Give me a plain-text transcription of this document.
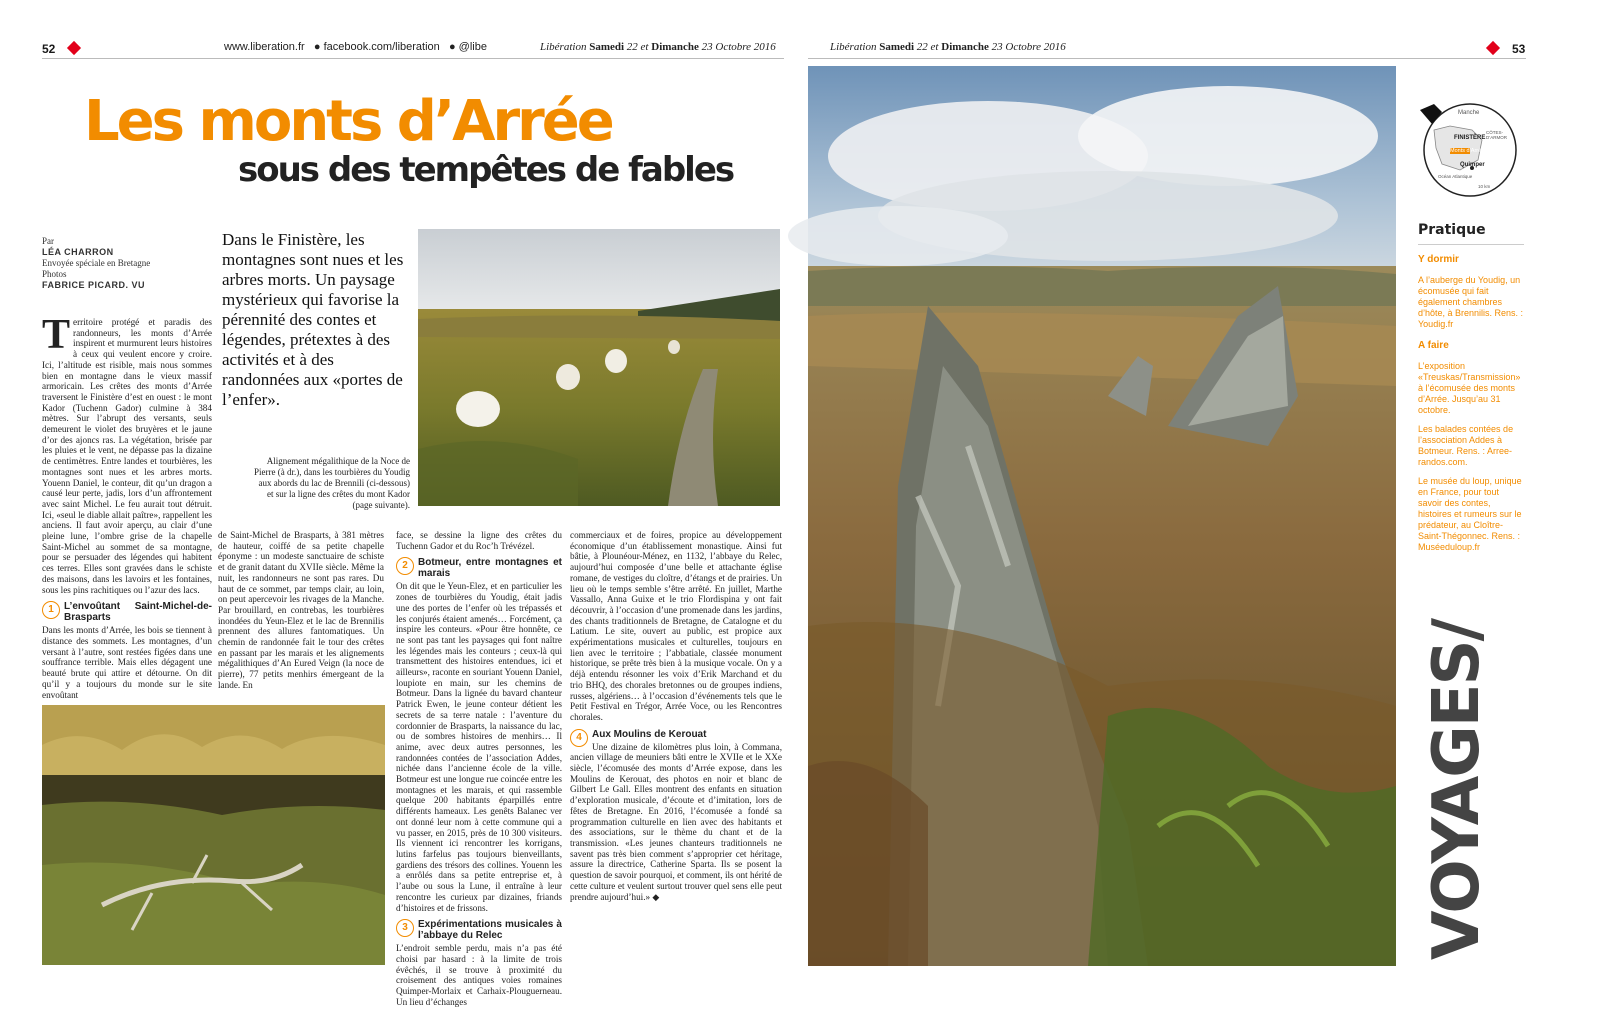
52	www.liberation.fr ● facebook.com/liberation ● @libe	Libération Samedi 22 et Dimanche 23 Octobre 2016
Les monts d’Arrée
sous des tempêtes de fables
Par
LÉA CHARRON
Envoyée spéciale en Bretagne
Photos
FABRICE PICARD. VU
Dans le Finistère, les montagnes sont nues et les arbres morts. Un paysage mystérieux qui favorise la pérennité des contes et légendes, prétextes à des activités et à des randonnées aux «portes de l’enfer».
Alignement mégalithique de la Noce de Pierre (à dr.), dans les tourbières du Youdig aux abords du lac de Brennili (ci-dessous) et sur la ligne des crêtes du mont Kador (page suivante).
Territoire protégé et paradis des randonneurs, les monts d’Arrée inspirent et murmurent leurs histoires à ceux qui veulent encore y croire. Ici, l’altitude est risible, mais nous sommes bien en montagne dans le vieux massif armoricain. Les crêtes des monts d’Arrée traversent le Finistère d’est en ouest : le mont Kador (Tuchenn Gador) culmine à 384 mètres. Sur l’abrupt des versants, seuls demeurent le violet des bruyères et le jaune d’or des ajoncs ras. La végétation, brisée par les pluies et le vent, ne dépasse pas la dizaine de centimètres. Entre landes et tourbières, les montagnes sont nues et les arbres morts. Youenn Daniel, le conteur, dit qu’un dragon a causé leur perte, jadis, lors d’un affrontement avec saint Michel. Le feu aurait tout détruit. Ici, «seul le diable allait paître», rappellent les anciens. Il faut avoir aperçu, au clair d’une pleine lune, l’ombre grise de la chapelle Saint-Michel au sommet de sa montagne, pour se persuader des légendes qui habitent ces terres. Elles sont gravées dans le schiste des maisons, dans les lavoirs et les fontaines, sous les pins rachitiques ou l’azur des lacs.
1	L’envoûtant Saint-Michel-de-Brasparts
Dans les monts d’Arrée, les bois se tiennent à distance des sommets. Les montagnes, d’un versant à l’autre, sont restées figées dans une souffrance terrible. Mais elles dégagent une beauté brute qui attire et détourne. On dit qu’il y a toujours du monde sur le site envoûtant
de Saint-Michel de Brasparts, à 381 mètres de hauteur, coiffé de sa petite chapelle éponyme : un modeste sanctuaire de schiste et de granit datant du XVIIe siècle. Même la nuit, les randonneurs ne sont pas rares. Du haut de ce sommet, par temps clair, au loin, on peut apercevoir les rivages de la Manche. Par brouillard, en contrebas, les tourbières inondées du Yeun-Elez et le lac de Brennilis prennent des allures fantomatiques. Un chemin de randonnée fait le tour des crêtes en passant par les marais et les alignements mégalithiques d’An Eured Veign (la noce de pierre), 77 petits menhirs émergeant de la lande. En
face, se dessine la ligne des crêtes du Tuchenn Gador et du Roc’h Trévézel.
2	Botmeur, entre montagnes et marais
On dit que le Yeun-Elez, et en particulier les zones de tourbières du Youdig, était jadis une des portes de l’enfer où les trépassés et les conjurés étaient amenés… Forcément, ça inspire les conteurs. «Pour être honnête, ce ne sont pas tant les paysages qui font naître les légendes mais les conteurs ; ceux-là qui transmettent des histoires entendues, ici et ailleurs», raconte en souriant Youenn Daniel, loupiote en main, sur les chemins de Botmeur. Dans la lignée du bavard chanteur Patrick Ewen, le jeune conteur détient les secrets de sa terre natale : l’aventure du cordonnier de Brasparts, la naissance du lac, ou de sombres histoires de menhirs… Il anime, avec deux autres personnes, les randonnées contées de l’association Addes, nichée dans l’ancienne école de la ville. Botmeur est une longue rue coincée entre les montagnes et les marais, et qui rassemble quelque 200 habitants éparpillés entre différents hameaux. Les genêts Balanec ver ont donné leur nom à cette commune qui a vu passer, en 2015, près de 10 300 visiteurs. Ils viennent ici rencontrer les korrigans, lutins farfelus pas toujours bienveillants, gardiens des trésors des collines. Youenn les a enrôlés dans sa petite entreprise et, à l’aube ou sous la Lune, il entraîne à leur rencontre les curieux par dizaines, friands d’histoires et de frissons.
3	Expérimentations musicales à l’abbaye du Relec
L’endroit semble perdu, mais n’a pas été choisi par hasard : à la limite de trois évêchés, il se trouve à proximité du croisement des antiques voies romaines Quimper-Morlaix et Carhaix-Plouguerneau. Un lieu d’échanges
commerciaux et de foires, propice au développement économique d’un établissement monastique. Ainsi fut bâtie, à Plounéour-Ménez, en 1132, l’abbaye du Relec, aujourd’hui composée d’une belle et attachante église romane, de vestiges du cloître, d’étangs et de prairies. Un lieu où le temps semble s’être arrêté. En juillet, Marthe Vassallo, Anna Guixe et le trio Flordispina y ont fait découvrir, à l’occasion d’une promenade dans les jardins, des chants traditionnels de Bretagne, de Catalogne et du Latium. Le site, ouvert au public, est propice aux expérimentations musicales et culturelles, toujours en lien avec le territoire ; l’abbatiale, classée monument historique, se prête très bien à la musique vocale. On y a déjà entendu résonner les voix d’Erik Marchand et du trio BHQ, des chorales bretonnes ou de groupes indiens, russes, algériens… à l’occasion d’événements tels que le Petit Festival en Trégor, Arrée Voce, ou les Rencontres chorales.
4	Aux Moulins de Kerouat
Une dizaine de kilomètres plus loin, à Commana, ancien village de meuniers bâti entre le XVIIe et le XXe siècle, l’écomusée des monts d’Arrée expose, dans les Moulins de Kerouat, des photos en noir et blanc de Gilbert Le Gall. Elles montrent des enfants en situation d’exploration musicale, d’écoute et d’imitation, lors de fêtes de Bretagne. En 2016, l’écomusée a fondé sa programmation culturelle en lien avec des habitants et des associations, sur le thème du chant et de la transmission. «Les jeunes chanteurs traditionnels ne savent pas très bien comment s’approprier cet héritage, assure la directrice, Catherine Sparta. Ils se posent la question de savoir pourquoi, et comment, ils ont hérité de cette culture et veulent surtout trouver quel sens elle peut prendre aujourd’hui.» ◆
Libération Samedi 22 et Dimanche 23 Octobre 2016	53
Manche
FINISTÈRE
Monts d’Arrée
Quimper
Océan Atlantique
CÔTES-D’ARMOR
10 km
Pratique
Y dormir
A l’auberge du Youdig, un écomusée qui fait également chambres d’hôte, à Brennilis. Rens. : Youdig.fr
A faire
L’exposition «Treuskas/Transmission» à l’écomusée des monts d’Arrée. Jusqu’au 31 octobre.
Les balades contées de l’association Addes à Botmeur. Rens. : Arree-randos.com.
Le musée du loup, unique en France, pour tout savoir des contes, histoires et rumeurs sur le prédateur, au Cloître-Saint-Thégonnec. Rens. : Muséeduloup.fr
VOYAGES/
